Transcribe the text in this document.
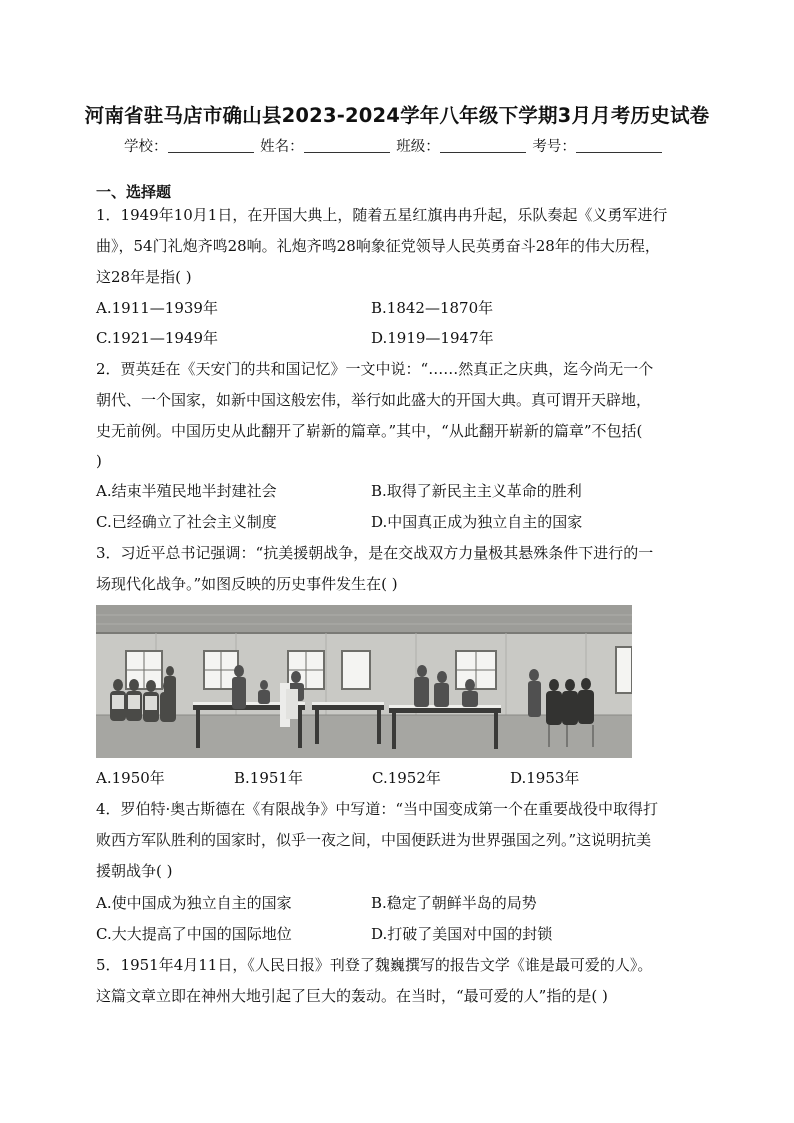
河南省驻马店市确山县2023-2024学年八年级下学期3月月考历史试卷
学校：	姓名：	班级：	考号：
一、选择题
1．1949年10月1日，在开国大典上，随着五星红旗冉冉升起，乐队奏起《义勇军进行
曲》，54门礼炮齐鸣28响。礼炮齐鸣28响象征党领导人民英勇奋斗28年的伟大历程，
这28年是指( )
A.1911—1939年	B.1842—1870年
C.1921—1949年	D.1919—1947年
2．贾英廷在《天安门的共和国记忆》一文中说：“……然真正之庆典，迄今尚无一个
朝代、一个国家，如新中国这般宏伟，举行如此盛大的开国大典。真可谓开天辟地，
史无前例。中国历史从此翻开了崭新的篇章。”其中，“从此翻开崭新的篇章”不包括(
)
A.结束半殖民地半封建社会	B.取得了新民主主义革命的胜利
C.已经确立了社会主义制度	D.中国真正成为独立自主的国家
3．习近平总书记强调：“抗美援朝战争，是在交战双方力量极其悬殊条件下进行的一
场现代化战争。”如图反映的历史事件发生在( )
A.1950年	B.1951年	C.1952年	D.1953年
4．罗伯特·奥古斯德在《有限战争》中写道：“当中国变成第一个在重要战役中取得打
败西方军队胜利的国家时，似乎一夜之间，中国便跃进为世界强国之列。”这说明抗美
援朝战争( )
A.使中国成为独立自主的国家	B.稳定了朝鲜半岛的局势
C.大大提高了中国的国际地位	D.打破了美国对中国的封锁
5．1951年4月11日，《人民日报》刊登了魏巍撰写的报告文学《谁是最可爱的人》。
这篇文章立即在神州大地引起了巨大的轰动。在当时，“最可爱的人”指的是( )
